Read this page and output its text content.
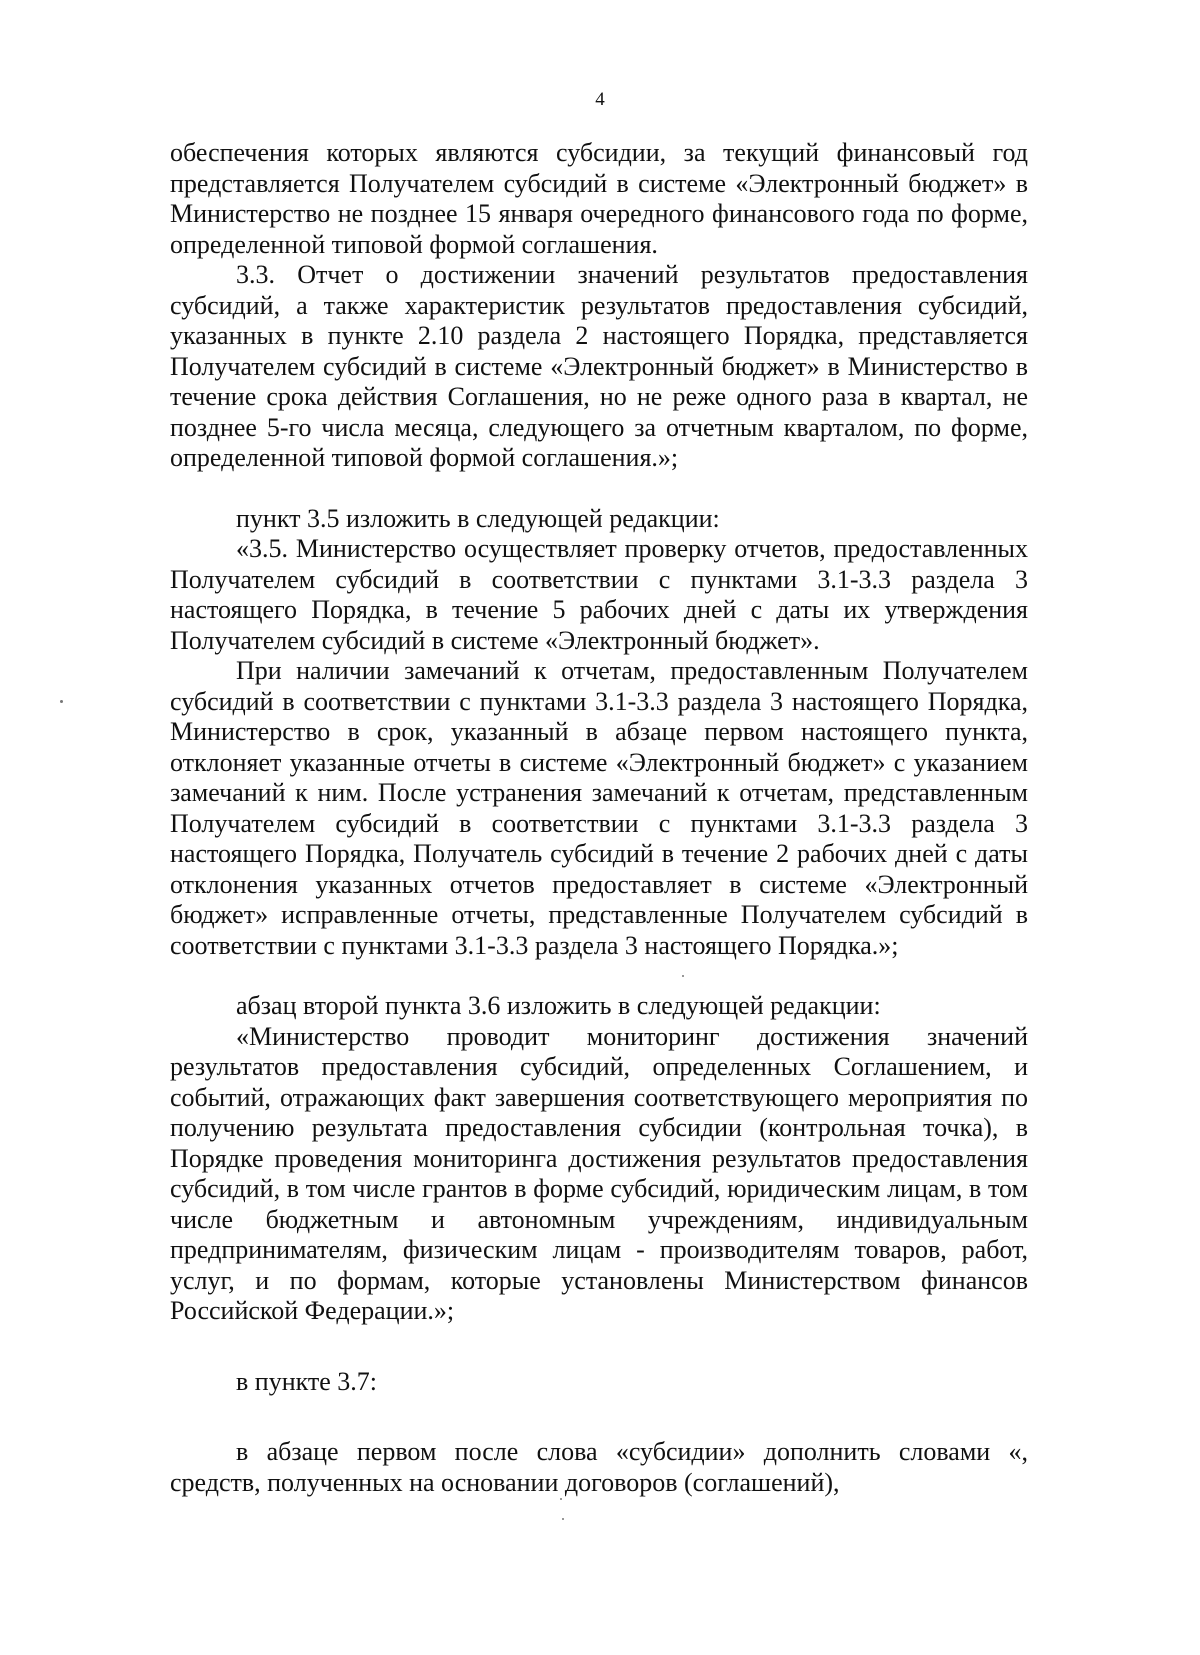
4

обеспечения которых являются субсидии, за текущий финансовый год представляется Получателем субсидий в системе «Электронный бюджет» в Министерство не позднее 15 января очередного финансового года по форме, определенной типовой формой соглашения.

3.3. Отчет о достижении значений результатов предоставления субсидий, а также характеристик результатов предоставления субсидий, указанных в пункте 2.10 раздела 2 настоящего Порядка, представляется Получателем субсидий в системе «Электронный бюджет» в Министерство в течение срока действия Соглашения, но не реже одного раза в квартал, не позднее 5-го числа месяца, следующего за отчетным кварталом, по форме, определенной типовой формой соглашения.»;

пункт 3.5 изложить в следующей редакции:

«3.5. Министерство осуществляет проверку отчетов, предоставленных Получателем субсидий в соответствии с пунктами 3.1-3.3 раздела 3 настоящего Порядка, в течение 5 рабочих дней с даты их утверждения Получателем субсидий в системе «Электронный бюджет».

При наличии замечаний к отчетам, предоставленным Получателем субсидий в соответствии с пунктами 3.1-3.3 раздела 3 настоящего Порядка, Министерство в срок, указанный в абзаце первом настоящего пункта, отклоняет указанные отчеты в системе «Электронный бюджет» с указанием замечаний к ним. После устранения замечаний к отчетам, представленным Получателем субсидий в соответствии с пунктами 3.1-3.3 раздела 3 настоящего Порядка, Получатель субсидий в течение 2 рабочих дней с даты отклонения указанных отчетов предоставляет в системе «Электронный бюджет» исправленные отчеты, представленные Получателем субсидий в соответствии с пунктами 3.1-3.3 раздела 3 настоящего Порядка.»;

абзац второй пункта 3.6 изложить в следующей редакции:

«Министерство проводит мониторинг достижения значений результатов предоставления субсидий, определенных Соглашением, и событий, отражающих факт завершения соответствующего мероприятия по получению результата предоставления субсидии (контрольная точка), в Порядке проведения мониторинга достижения результатов предоставления субсидий, в том числе грантов в форме субсидий, юридическим лицам, в том числе бюджетным и автономным учреждениям, индивидуальным предпринимателям, физическим лицам - производителям товаров, работ, услуг, и по формам, которые установлены Министерством финансов Российской Федерации.»;

в пункте 3.7:

в абзаце первом после слова «субсидии» дополнить словами «, средств, полученных на основании договоров (соглашений),
